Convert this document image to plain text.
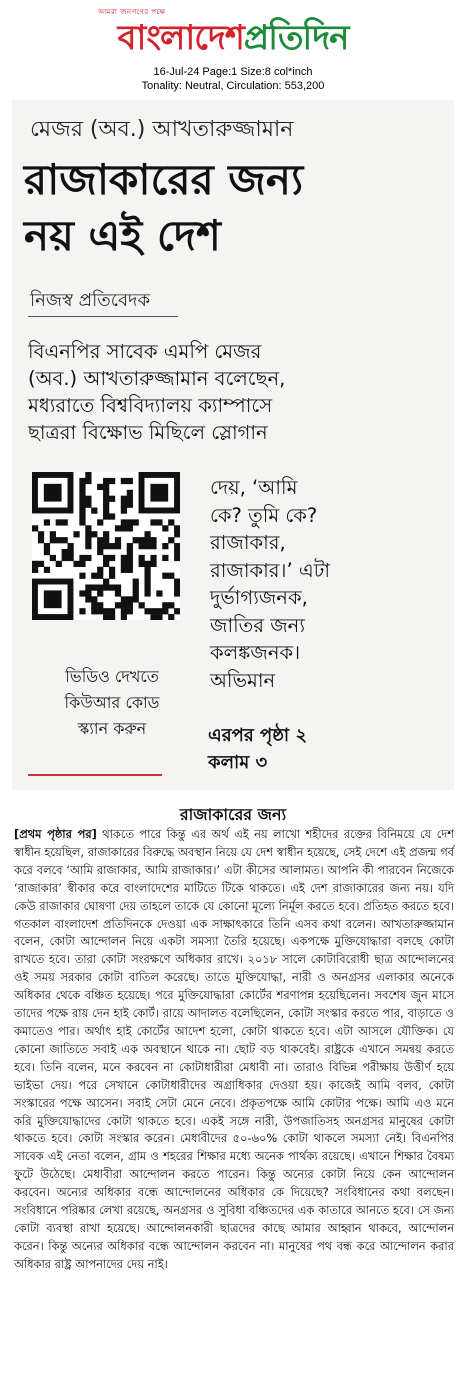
আমরা জনগণের পক্ষে
বাংলাদেশপ্রতিদিন
16-Jul-24 Page:1 Size:8 col*inch
Tonality: Neutral, Circulation: 553,200
মেজর (অব.) আখতারুজ্জামান
রাজাকারের জন্য
নয় এই দেশ
নিজস্ব প্রতিবেদক
বিএনপির সাবেক এমপি মেজর
(অব.) আখতারুজ্জামান বলেছেন,
মধ্যরাতে বিশ্ববিদ্যালয় ক্যাম্পাসে
ছাত্ররা বিক্ষোভ মিছিলে স্লোগান
ভিডিও দেখতে
কিউআর কোড
স্ক্যান করুন
দেয়, ‘আমি
কে? তুমি কে?
রাজাকার,
রাজাকার।’ এটা
দুর্ভাগ্যজনক,
জাতির জন্য
কলঙ্কজনক।
অভিমান
এরপর পৃষ্ঠা ২
কলাম ৩
রাজাকারের জন্য
[প্রথম পৃষ্ঠার পর] থাকতে পারে কিন্তু এর অর্থ এই নয় লাখো শহীদের রক্তের বিনিময়ে যে দেশ স্বাধীন হয়েছিল, রাজাকারের বিরুদ্ধে অবস্থান নিয়ে যে দেশ স্বাধীন হয়েছে, সেই দেশে এই প্রজন্ম গর্ব করে বলবে ‘আমি রাজাকার, আমি রাজাকার।’ এটা কীসের আলামত। আপনি কী পারবেন নিজেকে ‘রাজাকার’ স্বীকার করে বাংলাদেশের মাটিতে টিকে থাকতে। এই দেশ রাজাকারের জন্য নয়। যদি কেউ রাজাকার ঘোষণা দেয় তাহলে তাকে যে কোনো মূল্যে নির্মূল করতে হবে। প্রতিহত করতে হবে। গতকাল বাংলাদেশ প্রতিদিনকে দেওয়া এক সাক্ষাৎকারে তিনি এসব কথা বলেন। আখতারুজ্জামান বলেন, কোটা আন্দোলন নিয়ে একটা সমস্যা তৈরি হয়েছে। একপক্ষে মুক্তিযোদ্ধারা বলছে কোটা রাখতে হবে। তারা কোটা সংরক্ষণে অধিকার রাখে। ২০১৮ সালে কোটাবিরোধী ছাত্র আন্দোলনের ওই সময় সরকার কোটা বাতিল করেছে। তাতে মুক্তিযোদ্ধা, নারী ও অনগ্রসর এলাকার অনেকে অধিকার থেকে বঞ্চিত হয়েছে। পরে মুক্তিযোদ্ধারা কোর্টের শরণাপন্ন হয়েছিলেন। সবশেষ জুন মাসে তাদের পক্ষে রায় দেন হাই কোর্ট। রায়ে আদালত বলেছিলেন, কোটা সংস্কার করতে পার, বাড়াতে ও কমাতেও পার। অর্থাৎ হাই কোর্টের আদেশ হলো, কোটা থাকতে হবে। এটা আসলে যৌক্তিক। যে কোনো জাতিতে সবাই এক অবস্থানে থাকে না। ছোট বড় থাকবেই। রাষ্ট্রকে এখানে সমন্বয় করতে হবে। তিনি বলেন, মনে করবেন না কোটাধারীরা মেধাবী না। তারাও বিভিন্ন পরীক্ষায় উত্তীর্ণ হয়ে ভাইভা দেয়। পরে সেখানে কোটাধারীদের অগ্রাধিকার দেওয়া হয়। কাজেই আমি বলব, কোটা সংস্কারের পক্ষে আসেন। সবাই সেটা মেনে নেবে। প্রকৃতপক্ষে আমি কোটার পক্ষে। আমি এও মনে করি মুক্তিযোদ্ধাদের কোটা থাকতে হবে। একই সঙ্গে নারী, উপজাতিসহ অনগ্রসর মানুষের কোটা থাকতে হবে। কোটা সংস্কার করেন। মেধাবীদের ৫০-৬০% কোটা থাকলে সমস্যা নেই। বিএনপির সাবেক এই নেতা বলেন, গ্রাম ও শহরের শিক্ষার মধ্যে অনেক পার্থক্য রয়েছে। এখানে শিক্ষার বৈষম্য ফুটে উঠেছে। মেধাবীরা আন্দোলন করতে পারেন। কিন্তু অন্যের কোটা নিয়ে কেন আন্দোলন করবেন। অন্যের অধিকার বন্ধে আন্দোলনের অধিকার কে দিয়েছে? সংবিধানের কথা বলছেন। সংবিধানে পরিষ্কার লেখা রয়েছে, অনগ্রসর ও সুবিধা বঞ্চিতদের এক কাতারে আনতে হবে। সে জন্য কোটা ব্যবস্থা রাখা হয়েছে। আন্দোলনকারী ছাত্রদের কাছে আমার আহ্বান থাকবে, আন্দোলন করেন। কিন্তু অন্যের অধিকার বন্ধে আন্দোলন করবেন না। মানুষের পথ বন্ধ করে আন্দোলন করার অধিকার রাষ্ট্র আপনাদের দেয় নাই।
